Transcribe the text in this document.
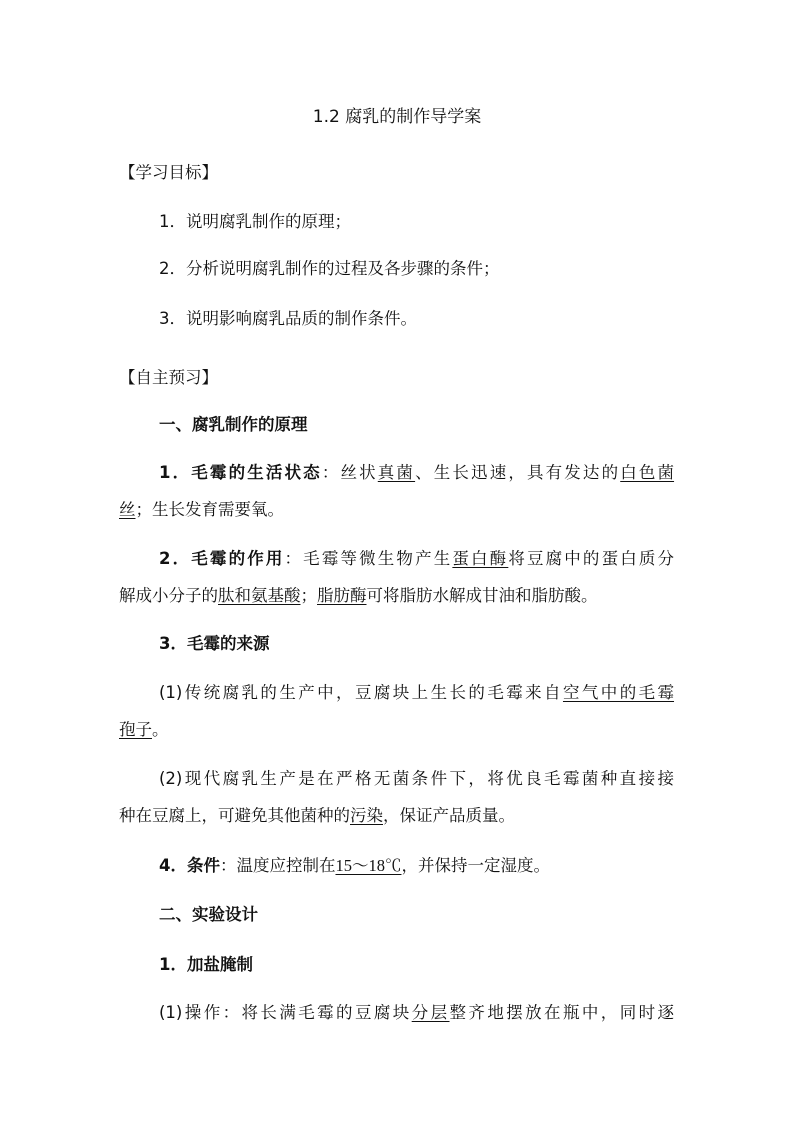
1.2 腐乳的制作导学案
【学习目标】
1．说明腐乳制作的原理；
2．分析说明腐乳制作的过程及各步骤的条件；
3．说明影响腐乳品质的制作条件。
【自主预习】
一、腐乳制作的原理
1．毛霉的生活状态：丝状真菌、生长迅速，具有发达的白色菌
丝；生长发育需要氧。
2．毛霉的作用：毛霉等微生物产生蛋白酶将豆腐中的蛋白质分
解成小分子的肽和氨基酸；脂肪酶可将脂肪水解成甘油和脂肪酸。
3．毛霉的来源
(1)传统腐乳的生产中，豆腐块上生长的毛霉来自空气中的毛霉
孢子。
(2)现代腐乳生产是在严格无菌条件下，将优良毛霉菌种直接接
种在豆腐上，可避免其他菌种的污染，保证产品质量。
4．条件：温度应控制在15～18℃，并保持一定湿度。
二、实验设计
1．加盐腌制
(1)操作：将长满毛霉的豆腐块分层整齐地摆放在瓶中，同时逐
